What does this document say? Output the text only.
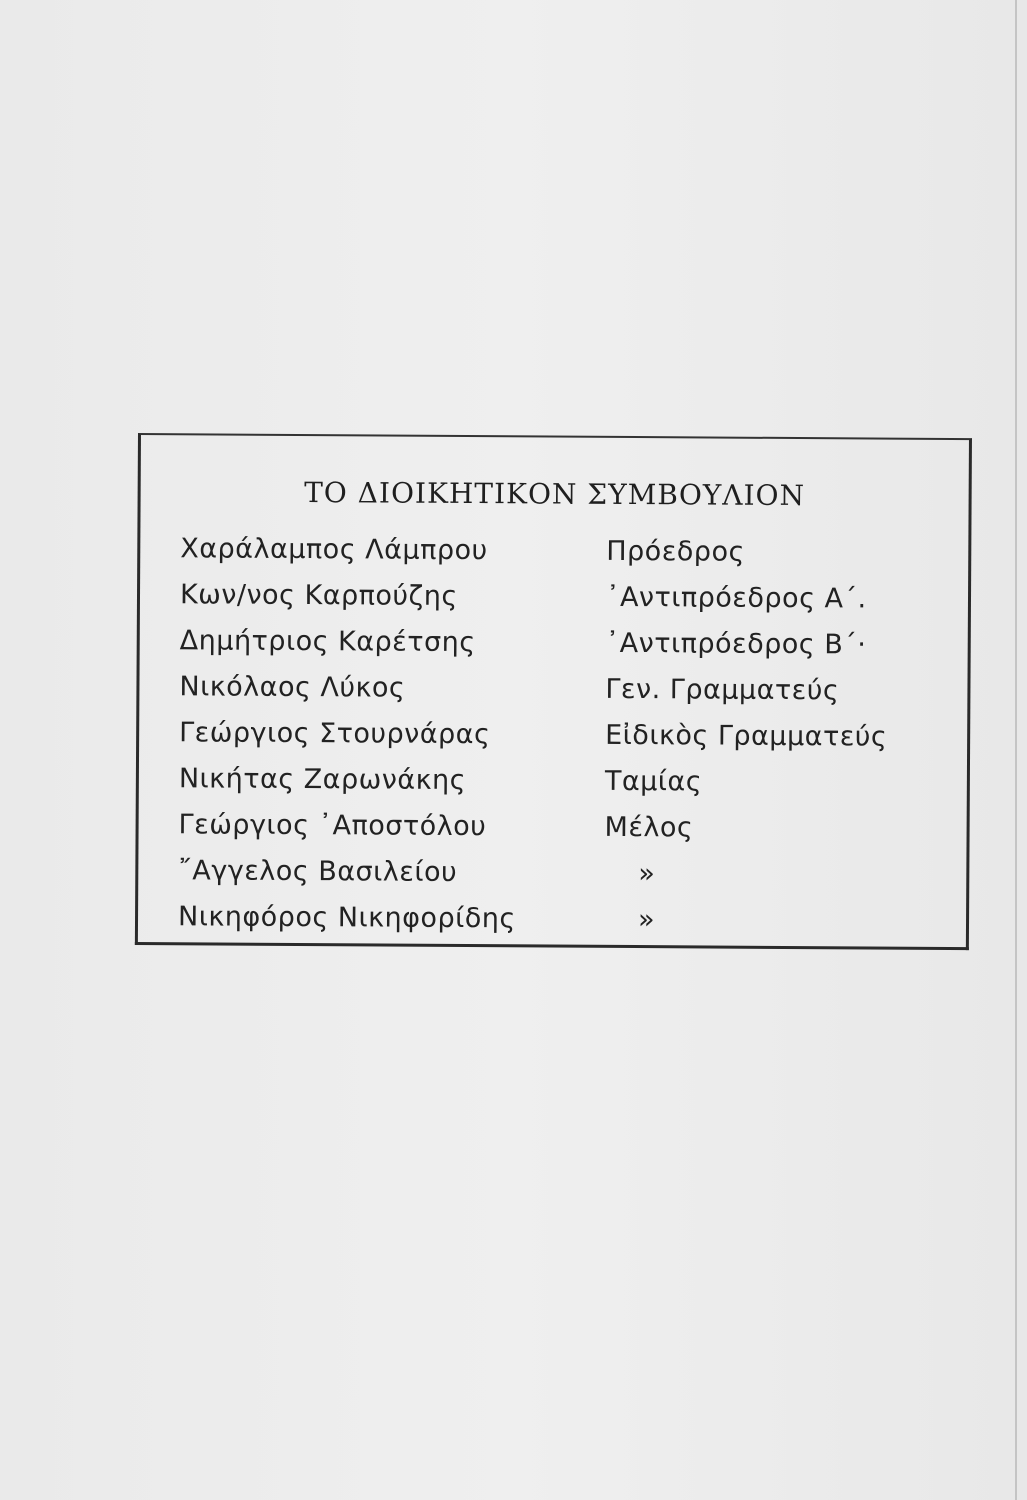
ΤΟ ΔΙΟΙΚΗΤΙΚΟΝ ΣΥΜΒΟΥΛΙΟΝ
Χαράλαμπος Λάμπρου	Πρόεδρος
Κων/νος Καρπούζης	᾿Αντιπρόεδρος Α΄.
Δημήτριος Καρέτσης	᾿Αντιπρόεδρος Β΄·
Νικόλαος Λύκος	Γεν. Γραμματεύς
Γεώργιος Στουρνάρας	Εἰδικὸς Γραμματεύς
Νικήτας Ζαρωνάκης	Ταμίας
Γεώργιος ᾿Αποστόλου	Μέλος
῎Αγγελος Βασιλείου	»
Νικηφόρος Νικηφορίδης	»
